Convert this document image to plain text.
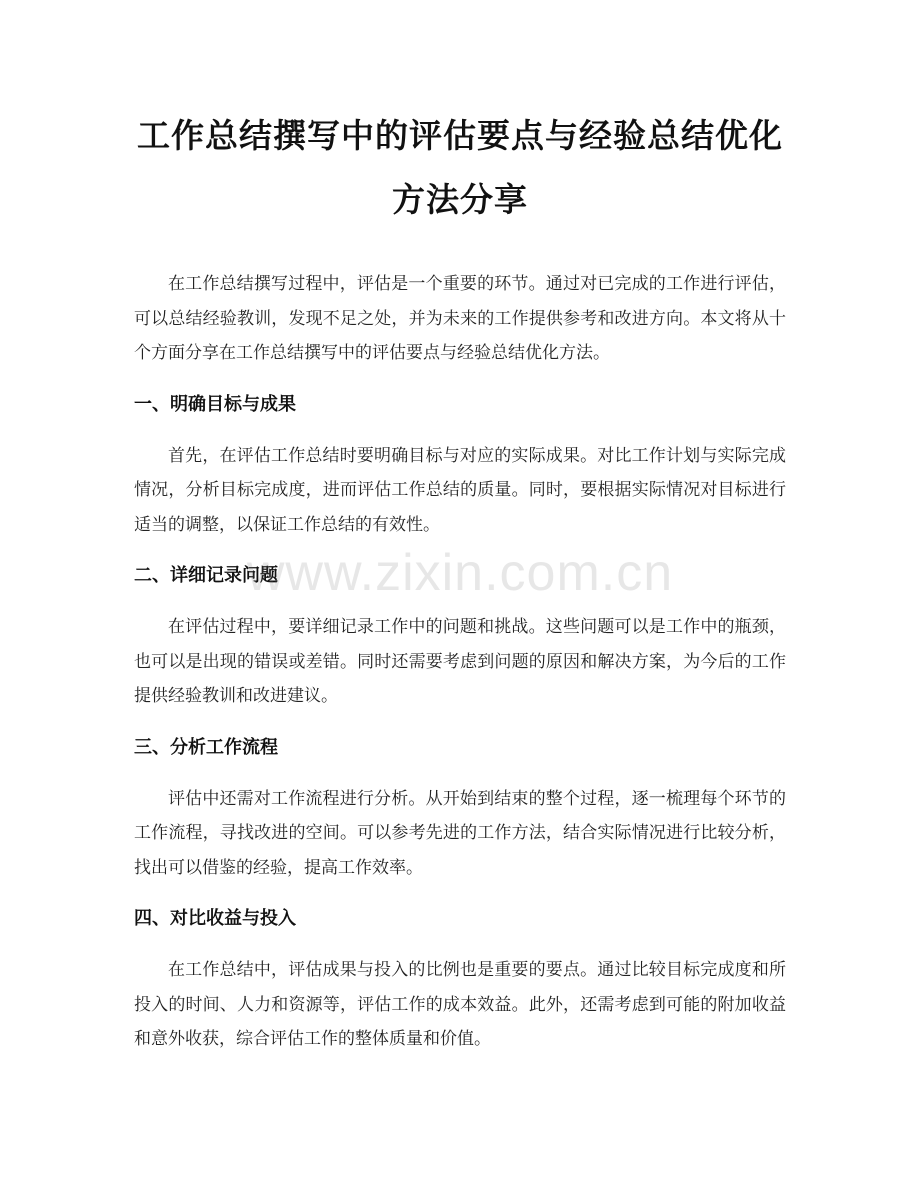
工作总结撰写中的评估要点与经验总结优化方法分享

在工作总结撰写过程中，评估是一个重要的环节。通过对已完成的工作进行评估，可以总结经验教训，发现不足之处，并为未来的工作提供参考和改进方向。本文将从十个方面分享在工作总结撰写中的评估要点与经验总结优化方法。

一、明确目标与成果

首先，在评估工作总结时要明确目标与对应的实际成果。对比工作计划与实际完成情况，分析目标完成度，进而评估工作总结的质量。同时，要根据实际情况对目标进行适当的调整，以保证工作总结的有效性。

二、详细记录问题

在评估过程中，要详细记录工作中的问题和挑战。这些问题可以是工作中的瓶颈，也可以是出现的错误或差错。同时还需要考虑到问题的原因和解决方案，为今后的工作提供经验教训和改进建议。

三、分析工作流程

评估中还需对工作流程进行分析。从开始到结束的整个过程，逐一梳理每个环节的工作流程，寻找改进的空间。可以参考先进的工作方法，结合实际情况进行比较分析，找出可以借鉴的经验，提高工作效率。

四、对比收益与投入

在工作总结中，评估成果与投入的比例也是重要的要点。通过比较目标完成度和所投入的时间、人力和资源等，评估工作的成本效益。此外，还需考虑到可能的附加收益和意外收获，综合评估工作的整体质量和价值。

www.zixin.com.cn
